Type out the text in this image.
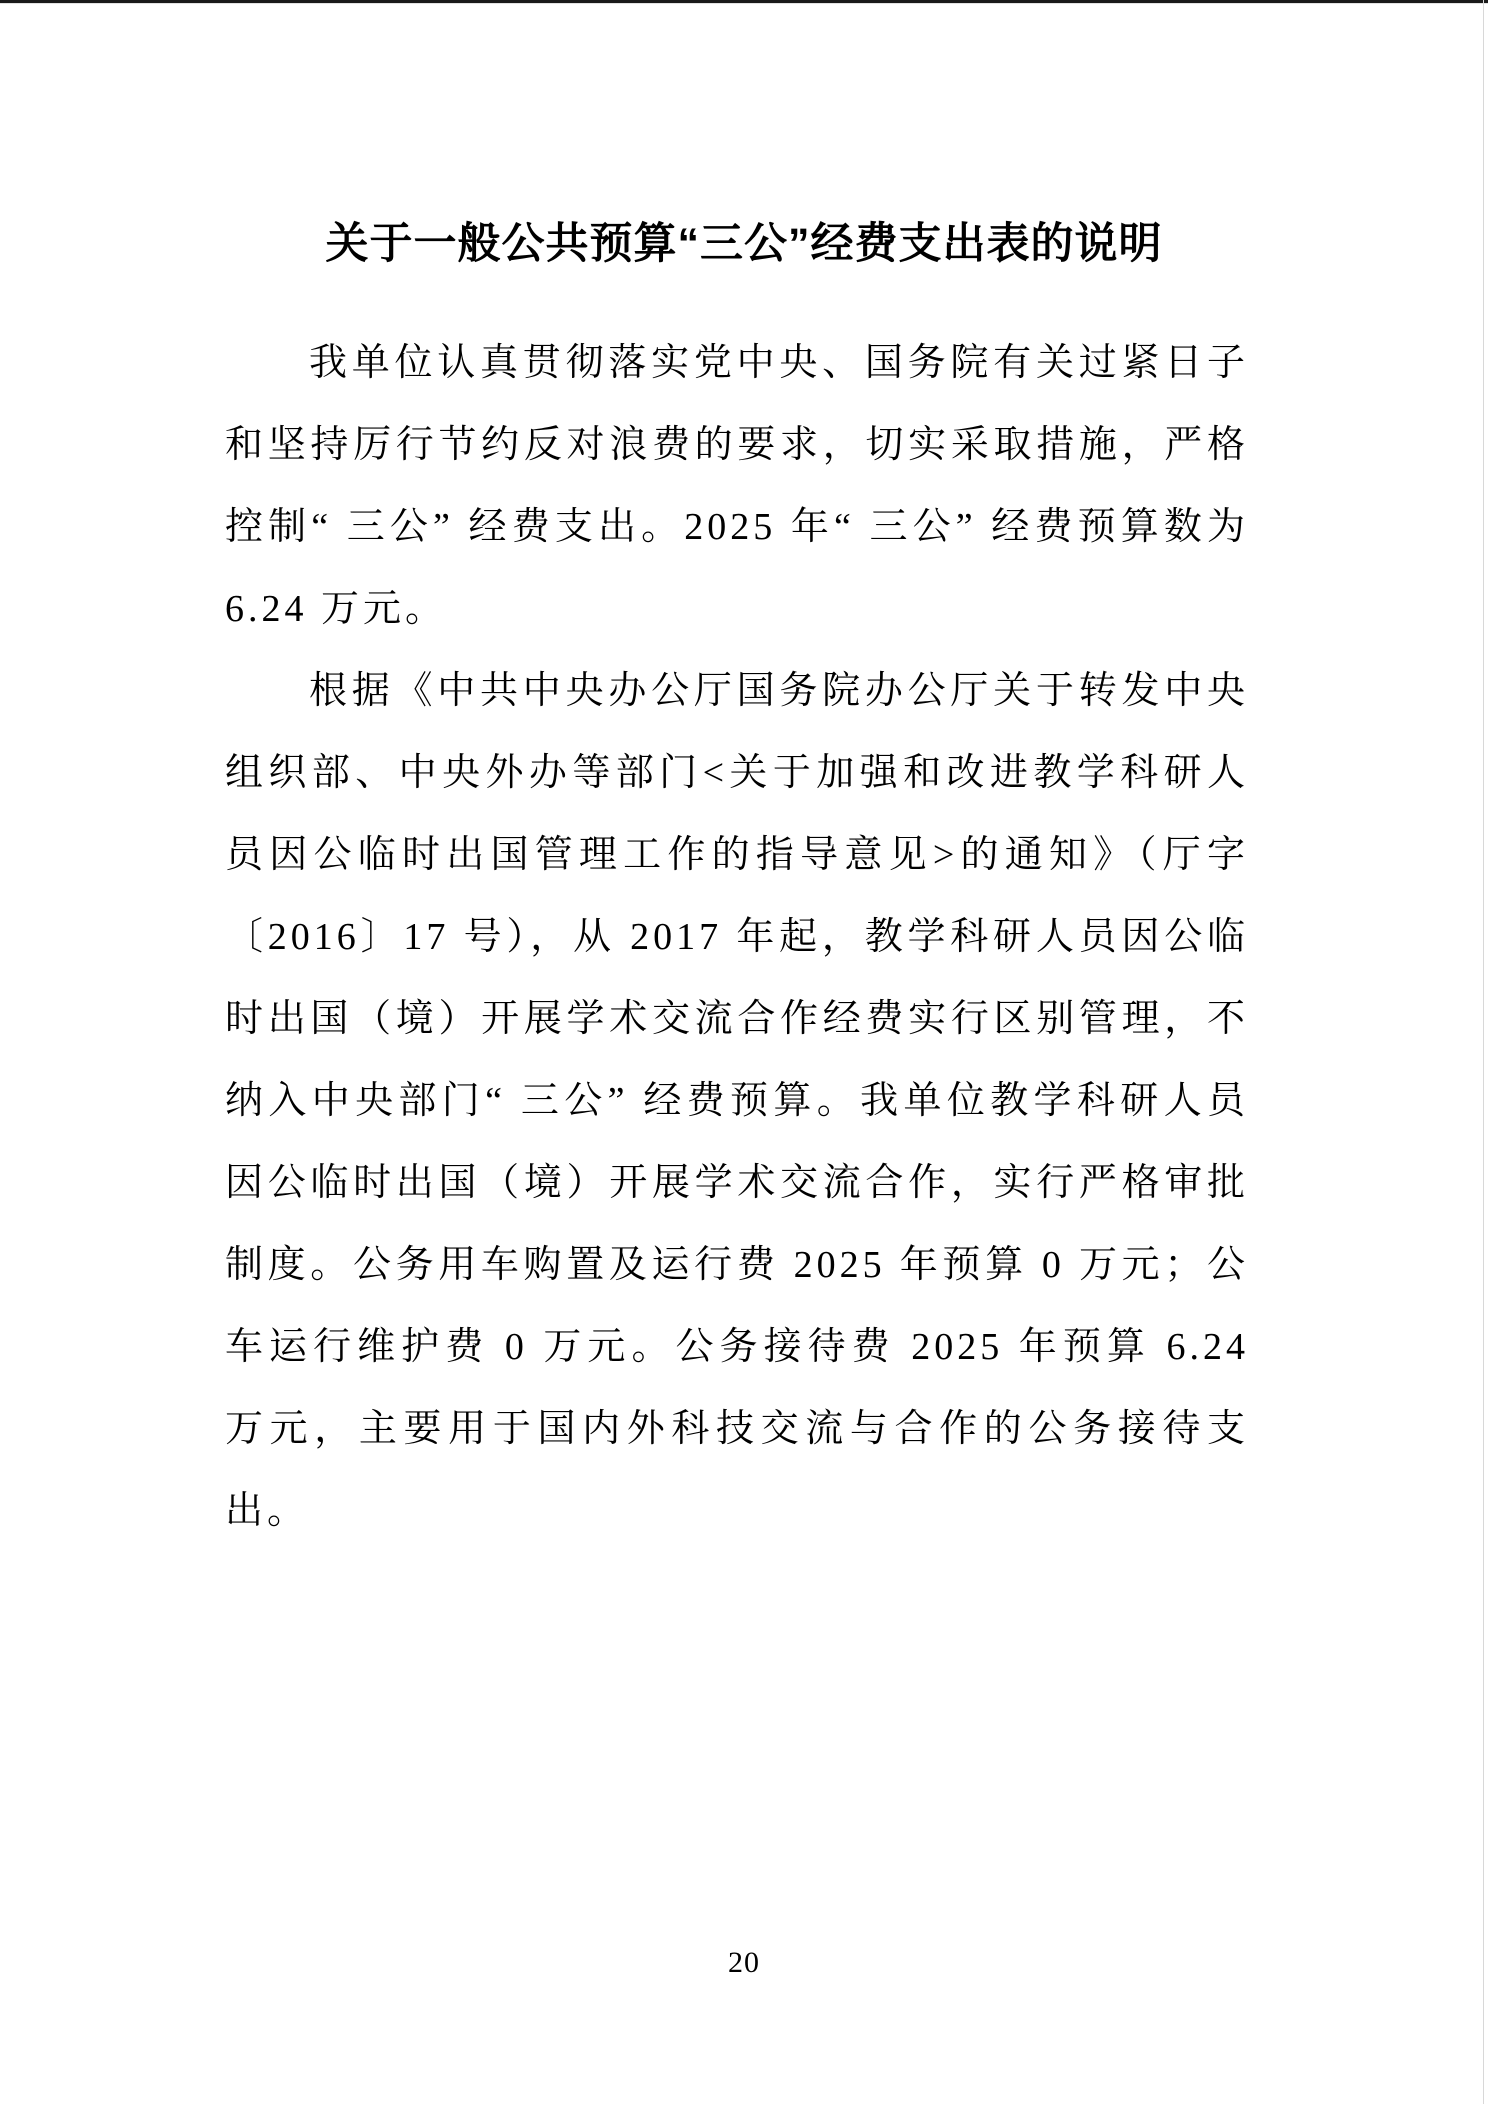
关于一般公共预算“三公”经费支出表的说明

我单位认真贯彻落实党中央、国务院有关过紧日子和坚持厉行节约反对浪费的要求，切实采取措施，严格控制“ 三公” 经费支出。2025 年“ 三公” 经费预算数为 6.24 万元。

根据《中共中央办公厅国务院办公厅关于转发中央组织部、中央外办等部门<关于加强和改进教学科研人员因公临时出国管理工作的指导意见>的通知》（厅字〔2016〕17 号），从 2017 年起，教学科研人员因公临时出国（境）开展学术交流合作经费实行区别管理，不纳入中央部门“ 三公” 经费预算。我单位教学科研人员因公临时出国（境）开展学术交流合作，实行严格审批制度。公务用车购置及运行费 2025 年预算 0 万元；公车运行维护费 0 万元。公务接待费 2025 年预算 6.24 万元，主要用于国内外科技交流与合作的公务接待支出。

20
